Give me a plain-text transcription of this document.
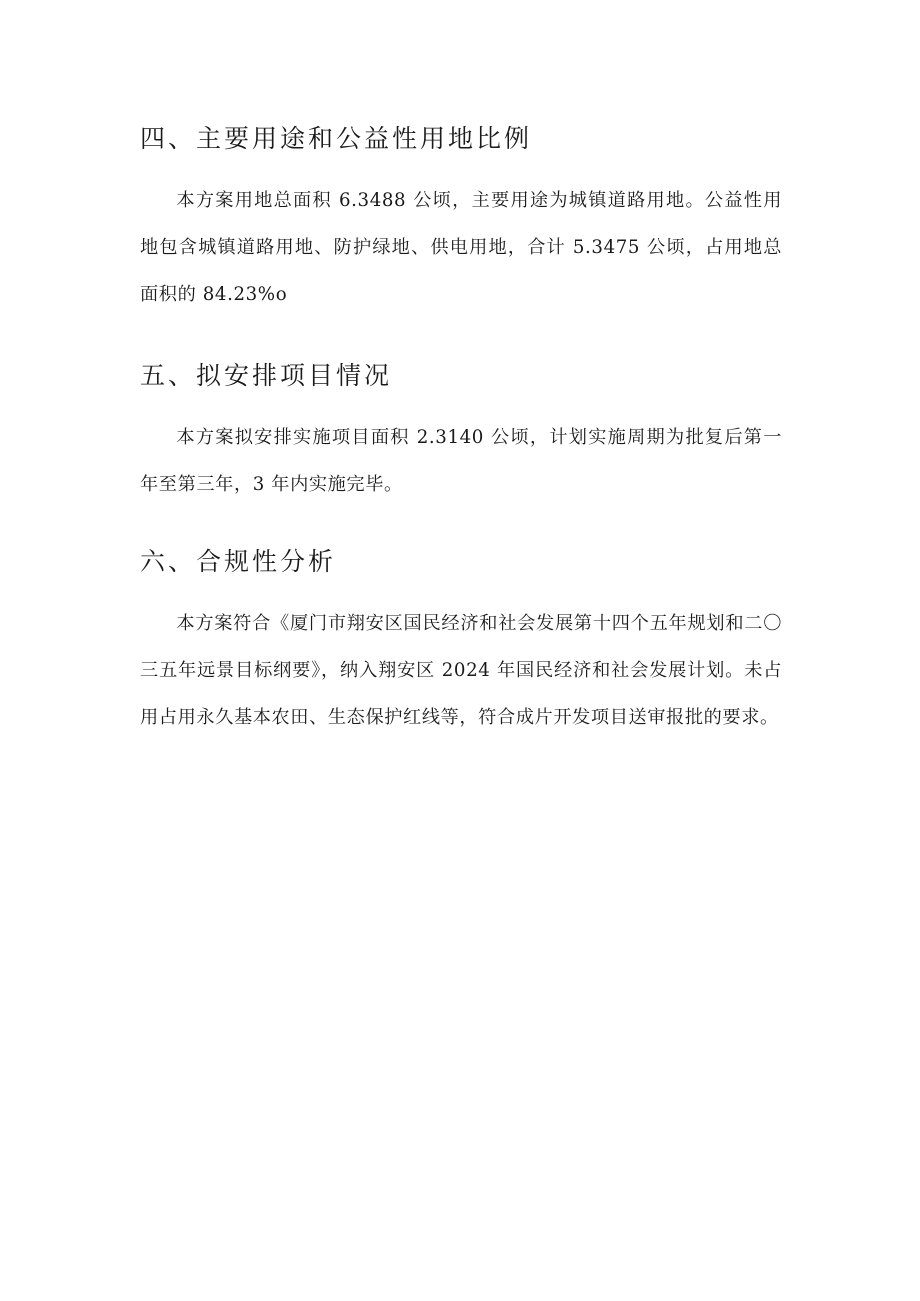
四、主要用途和公益性用地比例

本方案用地总面积 6.3488 公顷，主要用途为城镇道路用地。公益性用地包含城镇道路用地、防护绿地、供电用地，合计 5.3475 公顷，占用地总面积的 84.23%o

五、拟安排项目情况

本方案拟安排实施项目面积 2.3140 公顷，计划实施周期为批复后第一年至第三年，3 年内实施完毕。

六、合规性分析

本方案符合《厦门市翔安区国民经济和社会发展第十四个五年规划和二〇三五年远景目标纲要》，纳入翔安区 2024 年国民经济和社会发展计划。未占用占用永久基本农田、生态保护红线等，符合成片开发项目送审报批的要求。
